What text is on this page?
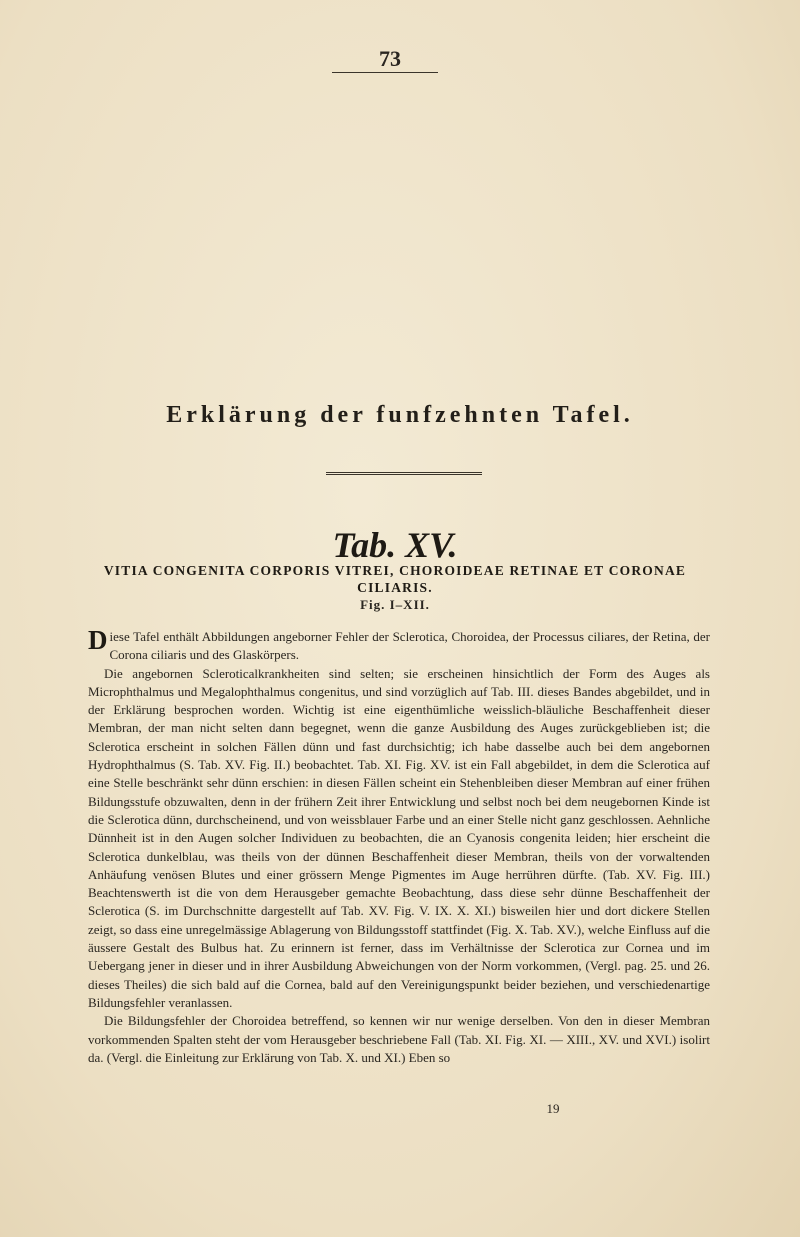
73
Erklärung der funfzehnten Tafel.
Tab. XV.
VITIA CONGENITA CORPORIS VITREI, CHOROIDEAE RETINAE ET CORONAE CILIARIS.
Fig. I–XII.

Diese Tafel enthält Abbildungen angeborner Fehler der Sclerotica, Choroidea, der Processus ciliares, der Retina, der Corona ciliaris und des Glaskörpers.

Die angebornen Scleroticalkrankheiten sind selten; sie erscheinen hinsichtlich der Form des Auges als Microphthalmus und Megalophthalmus congenitus, und sind vorzüglich auf Tab. III. dieses Bandes abgebildet, und in der Erklärung besprochen worden. Wichtig ist eine eigenthümliche weisslich-bläuliche Beschaffenheit dieser Membran, der man nicht selten dann begegnet, wenn die ganze Ausbildung des Auges zurückgeblieben ist; die Sclerotica erscheint in solchen Fällen dünn und fast durchsichtig; ich habe dasselbe auch bei dem angebornen Hydrophthalmus (S. Tab. XV. Fig. II.) beobachtet. Tab. XI. Fig. XV. ist ein Fall abgebildet, in dem die Sclerotica auf eine Stelle beschränkt sehr dünn erschien: in diesen Fällen scheint ein Stehenbleiben dieser Membran auf einer frühen Bildungsstufe obzuwalten, denn in der frühern Zeit ihrer Entwicklung und selbst noch bei dem neugebornen Kinde ist die Sclerotica dünn, durchscheinend, und von weissblauer Farbe und an einer Stelle nicht ganz geschlossen. Aehnliche Dünnheit ist in den Augen solcher Individuen zu beobachten, die an Cyanosis congenita leiden; hier erscheint die Sclerotica dunkelblau, was theils von der dünnen Beschaffenheit dieser Membran, theils von der vorwaltenden Anhäufung venösen Blutes und einer grössern Menge Pigmentes im Auge herrühren dürfte. (Tab. XV. Fig. III.) Beachtenswerth ist die von dem Herausgeber gemachte Beobachtung, dass diese sehr dünne Beschaffenheit der Sclerotica (S. im Durchschnitte dargestellt auf Tab. XV. Fig. V. IX. X. XI.) bisweilen hier und dort dickere Stellen zeigt, so dass eine unregelmässige Ablagerung von Bildungsstoff stattfindet (Fig. X. Tab. XV.), welche Einfluss auf die äussere Gestalt des Bulbus hat. Zu erinnern ist ferner, dass im Verhältnisse der Sclerotica zur Cornea und im Uebergang jener in dieser und in ihrer Ausbildung Abweichungen von der Norm vorkommen, (Vergl. pag. 25. und 26. dieses Theiles) die sich bald auf die Cornea, bald auf den Vereinigungspunkt beider beziehen, und verschiedenartige Bildungsfehler veranlassen.

Die Bildungsfehler der Choroidea betreffend, so kennen wir nur wenige derselben. Von den in dieser Membran vorkommenden Spalten steht der vom Herausgeber beschriebene Fall (Tab. XI. Fig. XI. — XIII., XV. und XVI.) isolirt da. (Vergl. die Einleitung zur Erklärung von Tab. X. und XI.) Eben so

19
